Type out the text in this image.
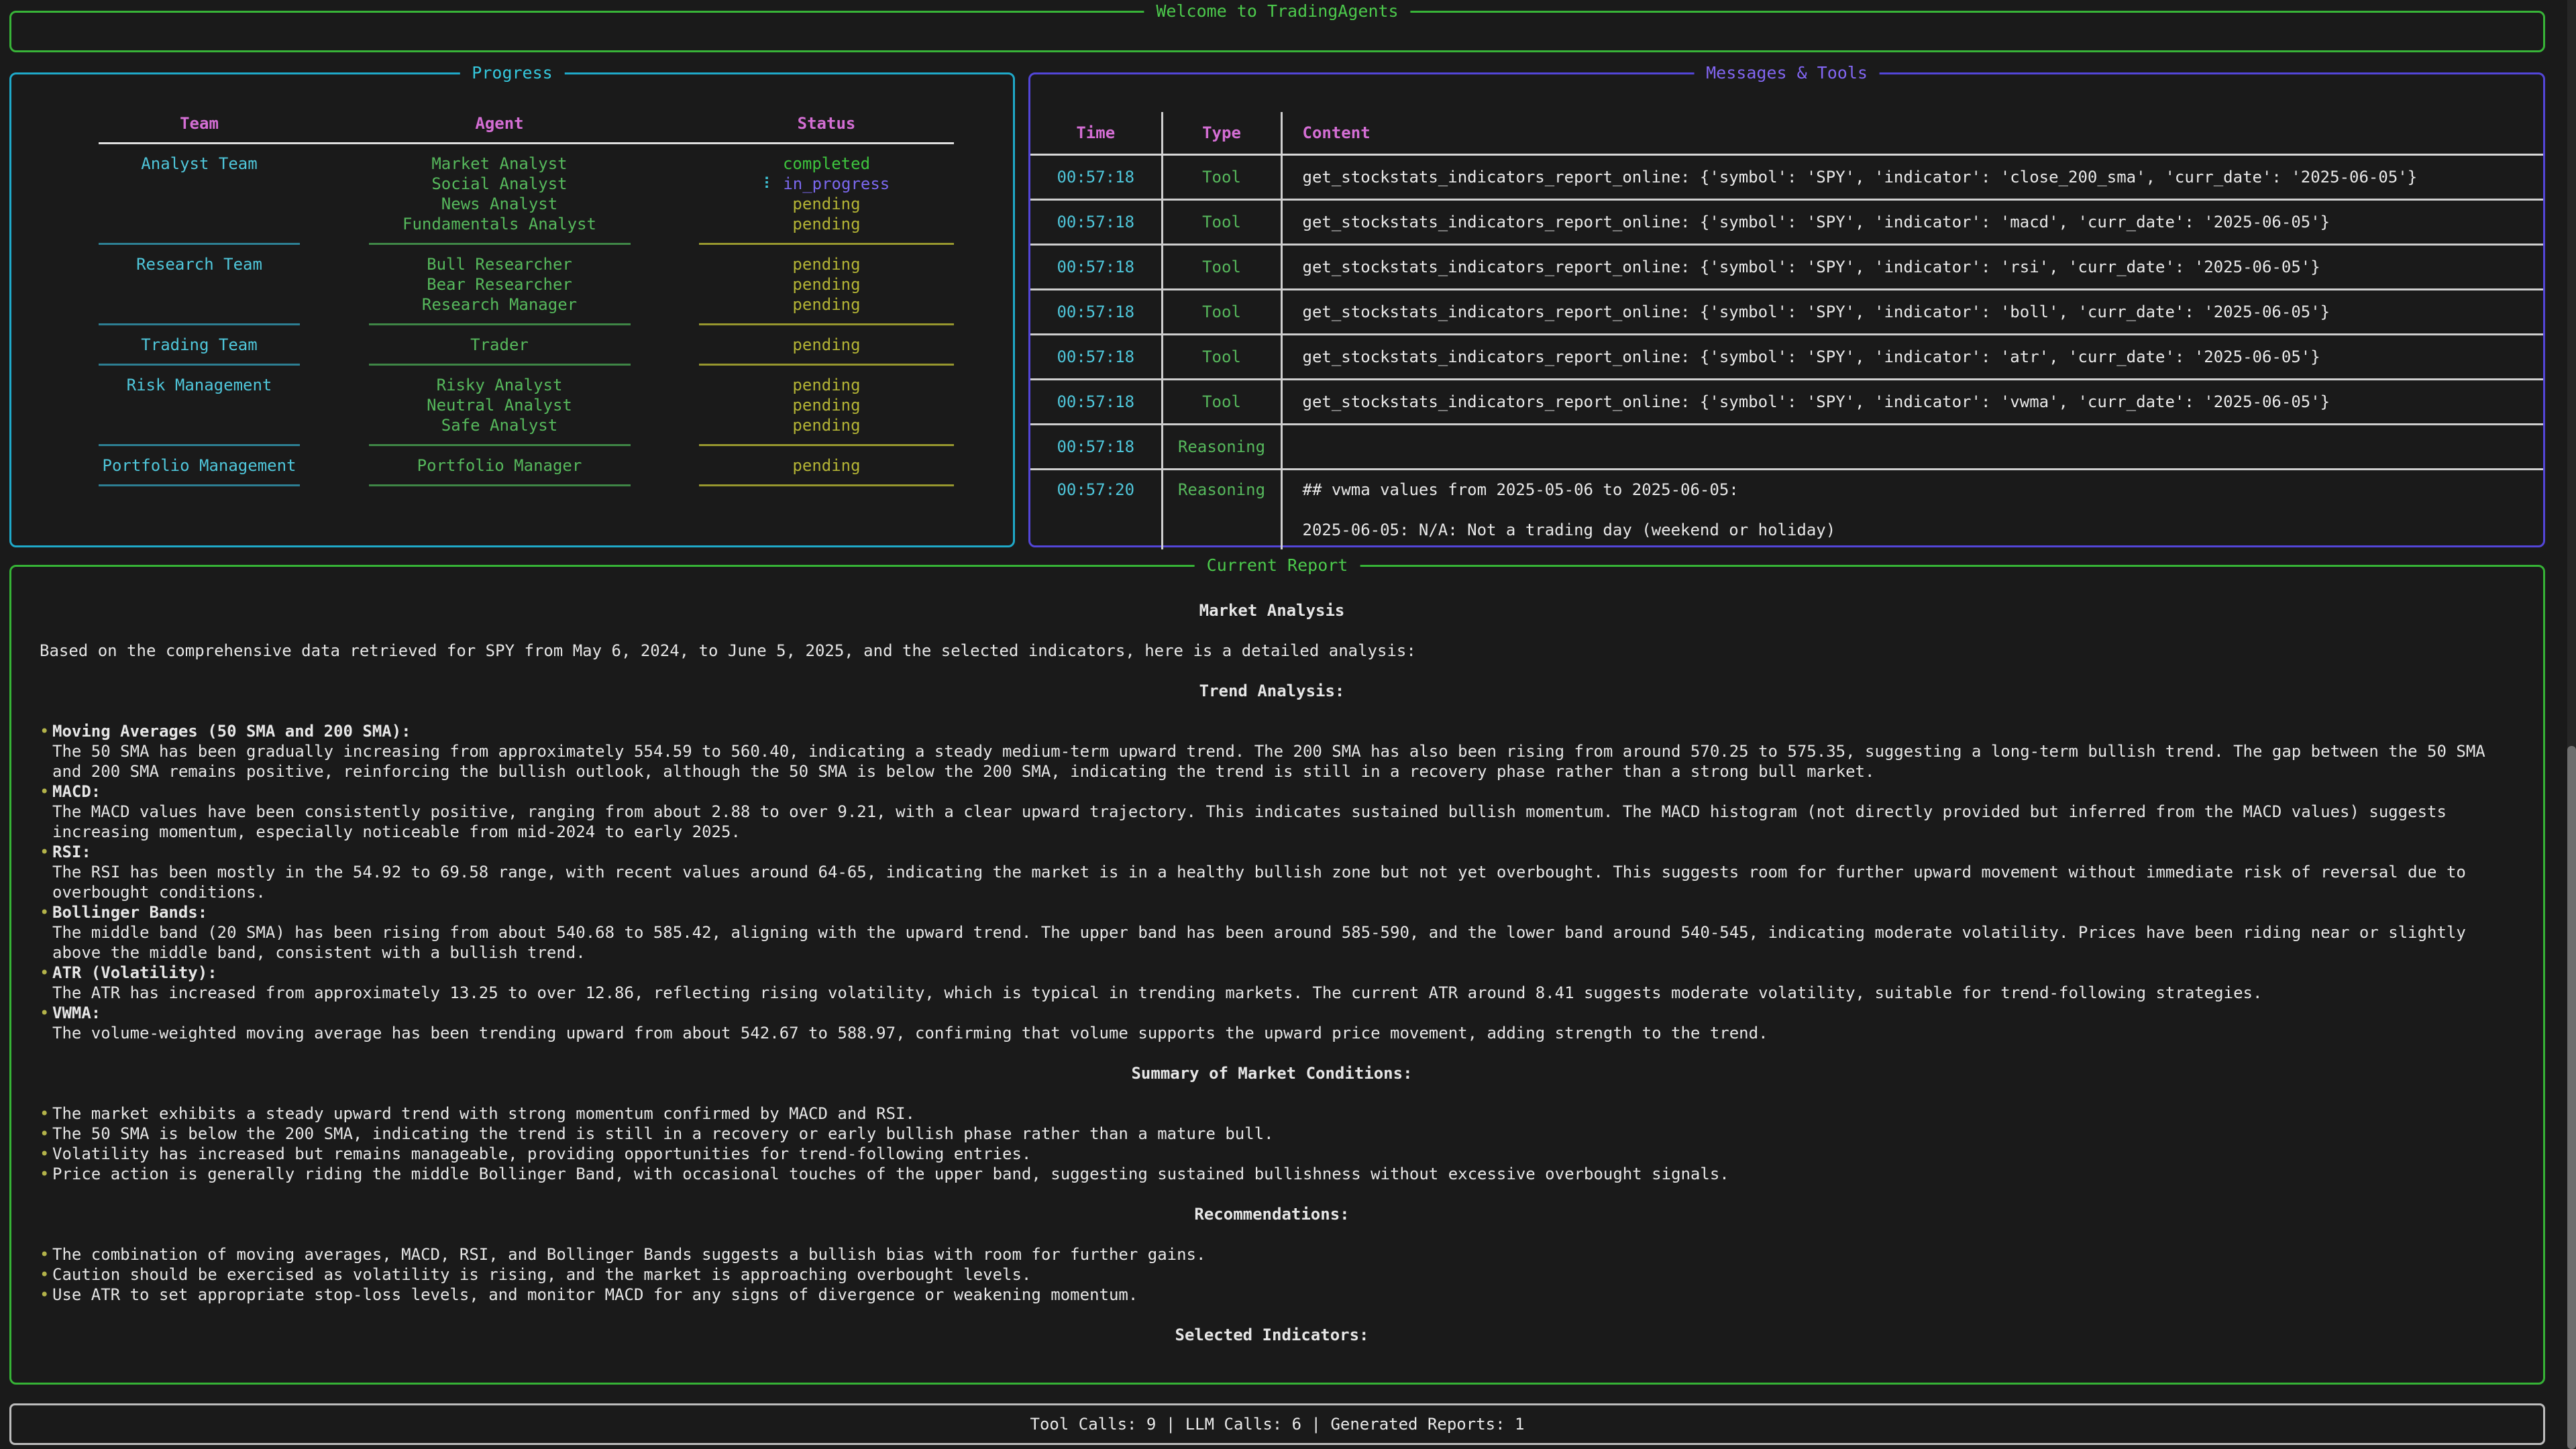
Welcome to TradingAgents
Progress
Team	Agent	Status
Analyst Team	Market Analyst	completed
Social Analyst	⠇ in_progress
News Analyst	pending
Fundamentals Analyst	pending
Research Team	Bull Researcher	pending
Bear Researcher	pending
Research Manager	pending
Trading Team	Trader	pending
Risk Management	Risky Analyst	pending
Neutral Analyst	pending
Safe Analyst	pending
Portfolio Management	Portfolio Manager	pending
Messages & Tools
Time	Type	Content
00:57:18	Tool	get_stockstats_indicators_report_online: {'symbol': 'SPY', 'indicator': 'close_200_sma', 'curr_date': '2025-06-05'}

00:57:18	Tool	get_stockstats_indicators_report_online: {'symbol': 'SPY', 'indicator': 'macd', 'curr_date': '2025-06-05'}

00:57:18	Tool	get_stockstats_indicators_report_online: {'symbol': 'SPY', 'indicator': 'rsi', 'curr_date': '2025-06-05'}

00:57:18	Tool	get_stockstats_indicators_report_online: {'symbol': 'SPY', 'indicator': 'boll', 'curr_date': '2025-06-05'}

00:57:18	Tool	get_stockstats_indicators_report_online: {'symbol': 'SPY', 'indicator': 'atr', 'curr_date': '2025-06-05'}

00:57:18	Tool	get_stockstats_indicators_report_online: {'symbol': 'SPY', 'indicator': 'vwma', 'curr_date': '2025-06-05'}

00:57:18	Reasoning	

00:57:20	Reasoning	## vwma values from 2025-05-06 to 2025-06-05:

2025-06-05: N/A: Not a trading day (weekend or holiday)
Current Report
Market Analysis
Based on the comprehensive data retrieved for SPY from May 6, 2024, to June 5, 2025, and the selected indicators, here is a detailed analysis:
Trend Analysis:
• Moving Averages (50 SMA and 200 SMA):
The 50 SMA has been gradually increasing from approximately 554.59 to 560.40, indicating a steady medium-term upward trend. The 200 SMA has also been rising from around 570.25 to 575.35, suggesting a long-term bullish trend. The gap between the 50 SMA and 200 SMA remains positive, reinforcing the bullish outlook, although the 50 SMA is below the 200 SMA, indicating the trend is still in a recovery phase rather than a strong bull market.
• MACD:
The MACD values have been consistently positive, ranging from about 2.88 to over 9.21, with a clear upward trajectory. This indicates sustained bullish momentum. The MACD histogram (not directly provided but inferred from the MACD values) suggests increasing momentum, especially noticeable from mid-2024 to early 2025.
• RSI:
The RSI has been mostly in the 54.92 to 69.58 range, with recent values around 64-65, indicating the market is in a healthy bullish zone but not yet overbought. This suggests room for further upward movement without immediate risk of reversal due to overbought conditions.
• Bollinger Bands:
The middle band (20 SMA) has been rising from about 540.68 to 585.42, aligning with the upward trend. The upper band has been around 585-590, and the lower band around 540-545, indicating moderate volatility. Prices have been riding near or slightly above the middle band, consistent with a bullish trend.
• ATR (Volatility):
The ATR has increased from approximately 13.25 to over 12.86, reflecting rising volatility, which is typical in trending markets. The current ATR around 8.41 suggests moderate volatility, suitable for trend-following strategies.
• VWMA:
The volume-weighted moving average has been trending upward from about 542.67 to 588.97, confirming that volume supports the upward price movement, adding strength to the trend.
Summary of Market Conditions:
• The market exhibits a steady upward trend with strong momentum confirmed by MACD and RSI.
• The 50 SMA is below the 200 SMA, indicating the trend is still in a recovery or early bullish phase rather than a mature bull.
• Volatility has increased but remains manageable, providing opportunities for trend-following entries.
• Price action is generally riding the middle Bollinger Band, with occasional touches of the upper band, suggesting sustained bullishness without excessive overbought signals.
Recommendations:
• The combination of moving averages, MACD, RSI, and Bollinger Bands suggests a bullish bias with room for further gains.
• Caution should be exercised as volatility is rising, and the market is approaching overbought levels.
• Use ATR to set appropriate stop-loss levels, and monitor MACD for any signs of divergence or weakening momentum.
Selected Indicators:
Tool Calls: 9 | LLM Calls: 6 | Generated Reports: 1
